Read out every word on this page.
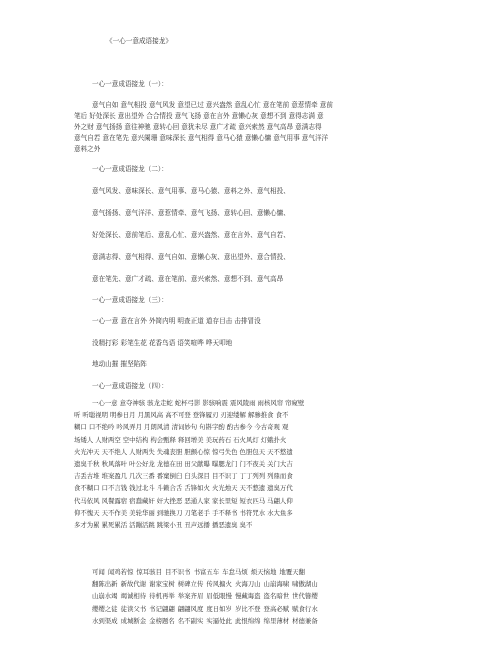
《一心一意成语接龙》
一心一意成语接龙（一）：
意气自如 意气相投 意气风发 意望已过 意兴盎然 意乱心忙 意在笔前 意惹情牵 意前
笔后 好处深长 意出望外 合合情投 意气飞扬 意在言外 意懒心灰 意想不到 意得志满 意
外之财 意气扬扬 意往神驰 意转心回 意犹未尽 意广才疏 意兴索然 意气高昂 意满志得
意气自若 意在笔先 意兴阑珊 意味深长 意气相得 意马心猿 意懒心慵 意气用事 意气洋洋
意料之外
一心一意成语接龙（二）：
意气风发、意味深长、意气用事、意马心猿、意料之外、意气相投、
意气扬扬、意气洋洋、意惹情牵、意气飞扬、意转心回、意懒心慵、
好处深长、意前笔后、意乱心忙、意兴盎然、意在言外、意气自若、
意满志得、意气相得、意气自如、意懒心灰、意出望外、意合情投、
意在笔先、意广才疏、意在笔前、意兴索然、意想不到、意气高昂
一心一意成语接龙（三）：
一心一意 意在言外 外简内明 明查正道 道存目击 击排冒没
没精打彩 彩笔生花 花香鸟语 语笑喧哗 哗天叩地
地动山摧 摧坚陷阵
一心一意成语接龙（四）：
一心一意 意夺神骇 骇龙走蛇 蛇杯弓影 影骇响震 震风陵雨 雨核风帘 帘窥壁
听 听聪视明 明参日月 月黑风高 高不可登 登锋履刃 刃迎缕解 解骖推食 食不
糊口 口不绝吟 吟风弄月 月朗风清 清词妙句 句斟字酌 酌古参今 今古奇观 观
场矮人 人财两空 空中结构 构会甄释 释回增美 美玩药石 石火风灯 灯蛾扑火
火光冲天 天不绝人 人财两失 失魂丧胆 胆颤心惊 惊弓失色 色胆包天 天不憗遗
遗臭千秋 秋风落叶 叶公好龙 龙德在田 田父献曝 曝腮龙门 门不夜关 关门大吉
吉丢古堆 堆案盈几 几次三番 番窠倒臼 臼头深目 目不识丁 丁丁列列 列鼎而食
食不糊口 口不言钱 钱过北斗 斗籁合舌 舌锋如火 火光烛天 天不憗遗 遗臭万代
代马依风 风餐露宿 宿蠢藏奸 奸大挫恶 恶通人家 家长里短 短衣匹马 马翩人仰
仰不愧天 天不作美 美轮华丽 到驰换刀 刀笔老手 手不释书 书符咒水 水大鱼多
多才为累 累死累活 活蹦活跳 跳梁小丑 丑声远播 播恶遗臭 臭不
可闻 闻鸡若惊 惊耳骇目 目不识书 书富五车 车怠马烦 烦天恼地 地覆天翻
翻陈出新 新故代谢 谢家宝树 树碑立传 传风搧火 火海刀山 山崩海啸 啸傲湖山
山崩水竭 竭诚相待 待机再举 举案齐眉 眉低眼慢 慢藏诲盗 盗名暗世 世代簪缨
缨缨之徒 徒读父书 书记翩翩 翩翩风度 度日如岁 岁比不登 登高必赋 赋食行水
水到渠成 成城断金 金榜题名 名不副实 实逼处此 此恨绵绵 绵里薄材 材德兼备
